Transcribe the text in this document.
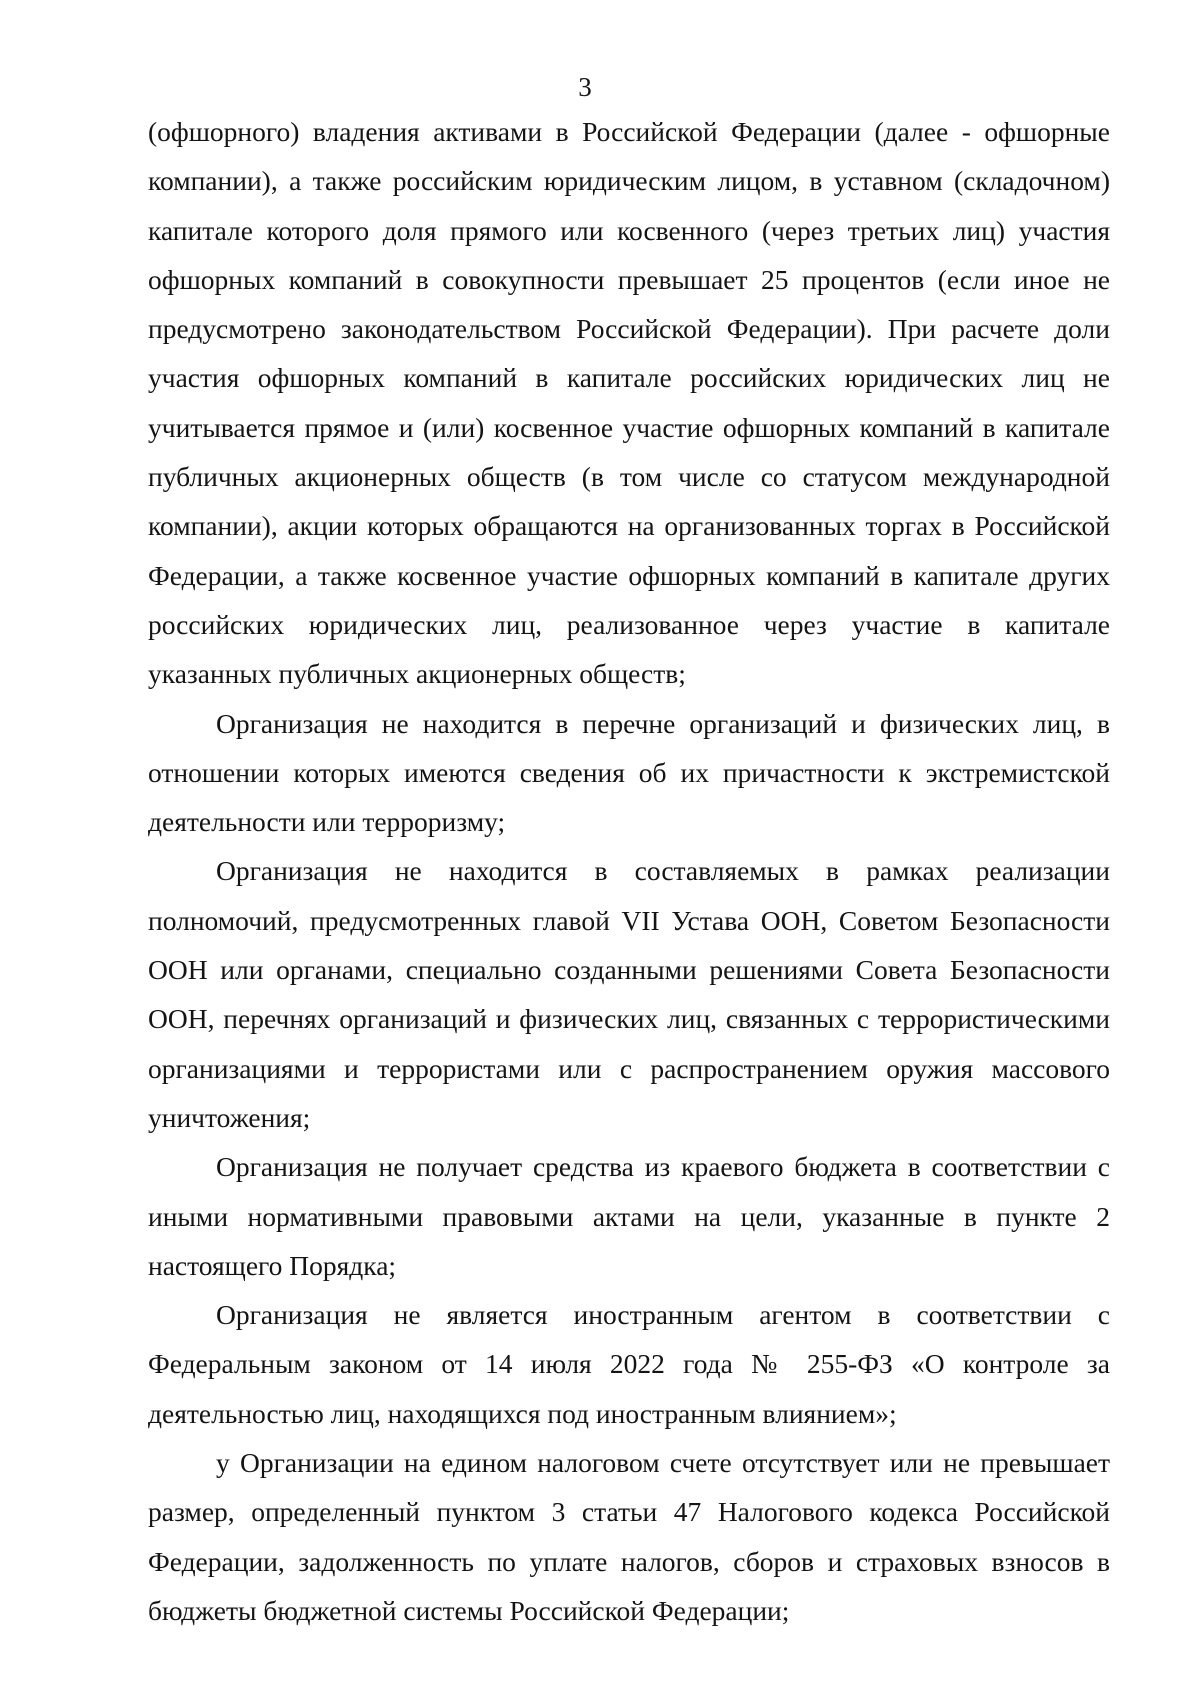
3

(офшорного) владения активами в Российской Федерации (далее - офшорные компании), а также российским юридическим лицом, в уставном (складочном) капитале которого доля прямого или косвенного (через третьих лиц) участия офшорных компаний в совокупности превышает 25 процентов (если иное не предусмотрено законодательством Российской Федерации). При расчете доли участия офшорных компаний в капитале российских юридических лиц не учитывается прямое и (или) косвенное участие офшорных компаний в капитале публичных акционерных обществ (в том числе со статусом международной компании), акции которых обращаются на организованных торгах в Российской Федерации, а также косвенное участие офшорных компаний в капитале других российских юридических лиц, реализованное через участие в капитале указанных публичных акционерных обществ;

Организация не находится в перечне организаций и физических лиц, в отношении которых имеются сведения об их причастности к экстремистской деятельности или терроризму;

Организация не находится в составляемых в рамках реализации полномочий, предусмотренных главой VII Устава ООН, Советом Безопасности ООН или органами, специально созданными решениями Совета Безопасности ООН, перечнях организаций и физических лиц, связанных с террористическими организациями и террористами или с распространением оружия массового уничтожения;

Организация не получает средства из краевого бюджета в соответствии с иными нормативными правовыми актами на цели, указанные в пункте 2 настоящего Порядка;

Организация не является иностранным агентом в соответствии с Федеральным законом от 14 июля 2022 года № 255-ФЗ «О контроле за деятельностью лиц, находящихся под иностранным влиянием»;

у Организации на едином налоговом счете отсутствует или не превышает размер, определенный пунктом 3 статьи 47 Налогового кодекса Российской Федерации, задолженность по уплате налогов, сборов и страховых взносов в бюджеты бюджетной системы Российской Федерации;
